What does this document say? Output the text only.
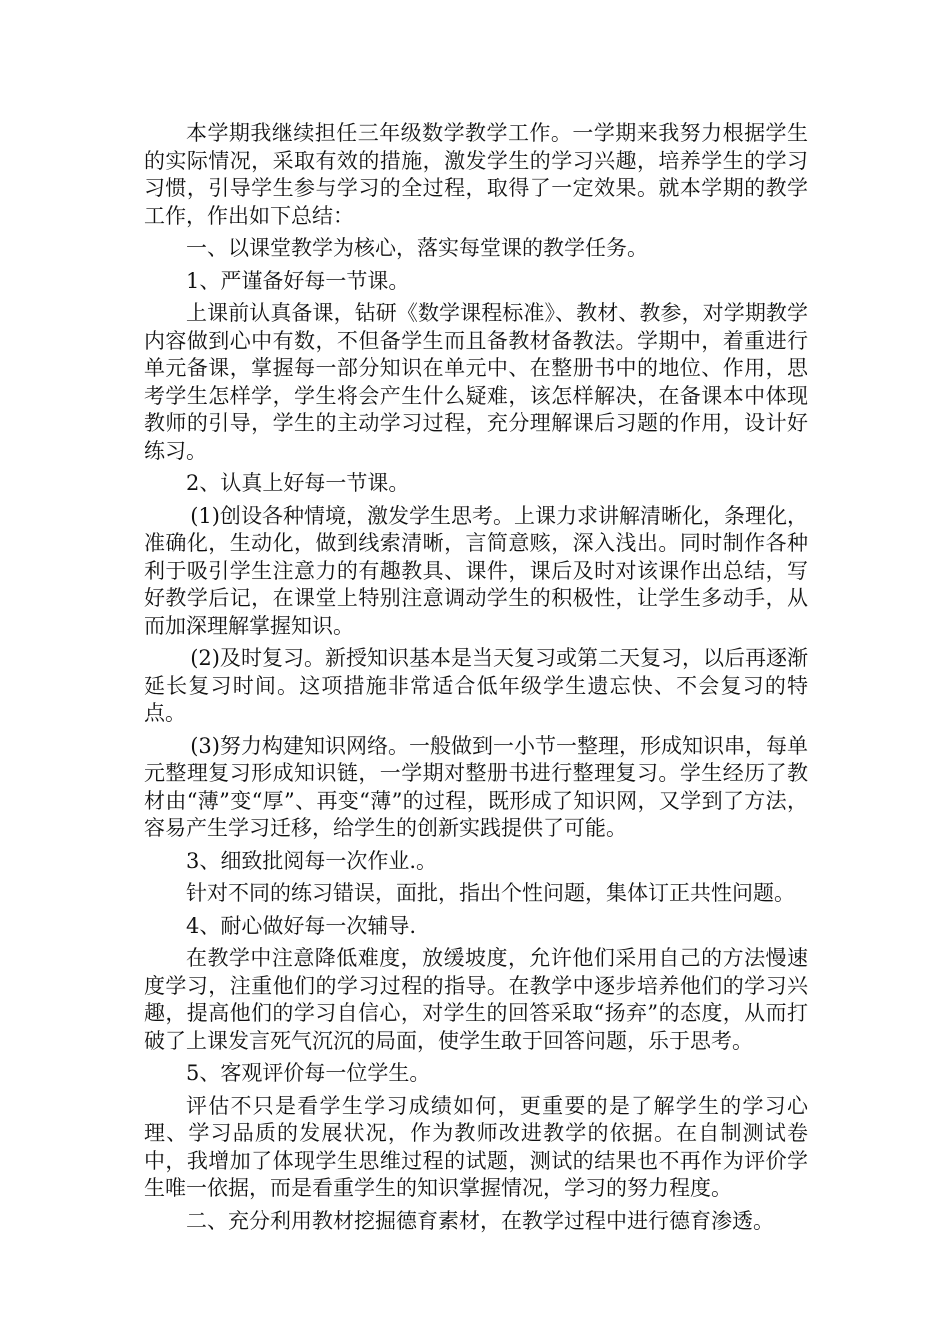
本学期我继续担任三年级数学教学工作。一学期来我努力根据学生的实际情况，采取有效的措施，激发学生的学习兴趣，培养学生的学习习惯，引导学生参与学习的全过程，取得了一定效果。就本学期的教学工作，作出如下总结：

一、以课堂教学为核心，落实每堂课的教学任务。

1、严谨备好每一节课。

上课前认真备课，钻研《数学课程标准》、教材、教参，对学期教学内容做到心中有数，不但备学生而且备教材备教法。学期中，着重进行单元备课，掌握每一部分知识在单元中、在整册书中的地位、作用，思考学生怎样学，学生将会产生什么疑难，该怎样解决，在备课本中体现教师的引导，学生的主动学习过程，充分理解课后习题的作用，设计好练习。

2、认真上好每一节课。

(1)创设各种情境，激发学生思考。上课力求讲解清晰化，条理化，准确化，生动化，做到线索清晰，言简意赅，深入浅出。同时制作各种利于吸引学生注意力的有趣教具、课件，课后及时对该课作出总结，写好教学后记，在课堂上特别注意调动学生的积极性，让学生多动手，从而加深理解掌握知识。

(2)及时复习。新授知识基本是当天复习或第二天复习，以后再逐渐延长复习时间。这项措施非常适合低年级学生遗忘快、不会复习的特点。

(3)努力构建知识网络。一般做到一小节一整理，形成知识串，每单元整理复习形成知识链，一学期对整册书进行整理复习。学生经历了教材由“薄”变“厚”、再变“薄”的过程，既形成了知识网，又学到了方法，容易产生学习迁移，给学生的创新实践提供了可能。

3、细致批阅每一次作业.。

针对不同的练习错误，面批，指出个性问题，集体订正共性问题。

4、耐心做好每一次辅导.

在教学中注意降低难度，放缓坡度，允许他们采用自己的方法慢速度学习，注重他们的学习过程的指导。在教学中逐步培养他们的学习兴趣，提高他们的学习自信心，对学生的回答采取“扬弃”的态度，从而打破了上课发言死气沉沉的局面，使学生敢于回答问题，乐于思考。

5、客观评价每一位学生。

评估不只是看学生学习成绩如何，更重要的是了解学生的学习心理、学习品质的发展状况，作为教师改进教学的依据。在自制测试卷中，我增加了体现学生思维过程的试题，测试的结果也不再作为评价学生唯一依据，而是看重学生的知识掌握情况，学习的努力程度。

二、充分利用教材挖掘德育素材，在教学过程中进行德育渗透。
